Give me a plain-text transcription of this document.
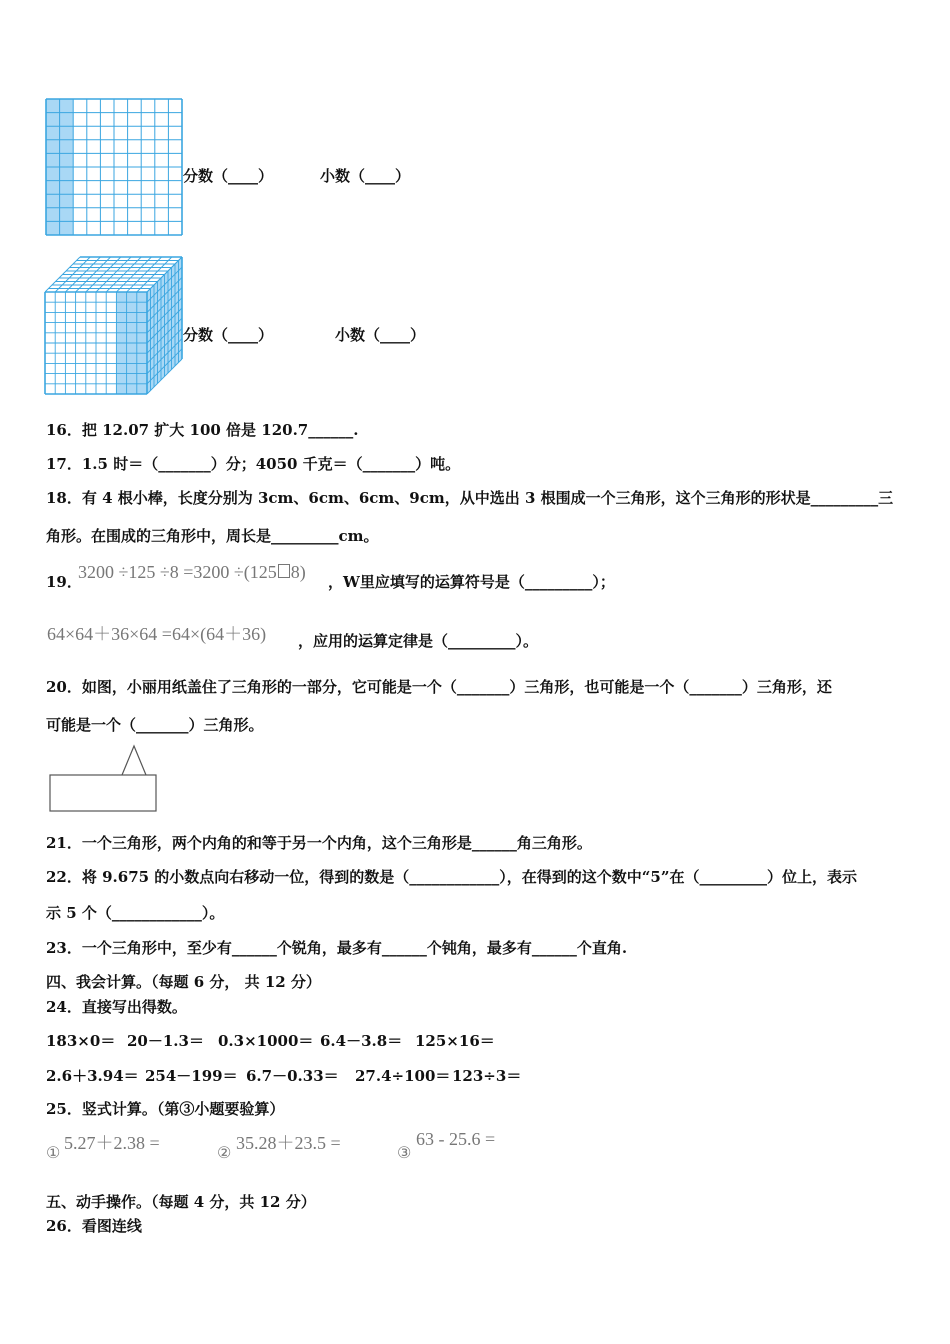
分数（____）	小数（____）
分数（____）	小数（____）
16．把 12.07 扩大 100 倍是 120.7______.
17．1.5 时＝（_______）分；4050 千克＝（_______）吨。
18．有 4 根小棒，长度分别为 3cm、6cm、6cm、9cm，从中选出 3 根围成一个三角形，这个三角形的形状是_________三
角形。在围成的三角形中，周长是_________cm。
19．
3200 ÷125 ÷8 =3200 ÷(125 8) ，W里应填写的运算符号是（_________）；
64×64＋36×64 =64×(64＋36) ，应用的运算定律是（_________）。
20．如图，小丽用纸盖住了三角形的一部分，它可能是一个（_______）三角形，也可能是一个（_______）三角形，还
可能是一个（_______）三角形。
21．一个三角形，两个内角的和等于另一个内角，这个三角形是______角三角形。
22．将 9.675 的小数点向右移动一位，得到的数是（____________），在得到的这个数中“5”在（_________）位上，表示
示 5 个（____________）。
23．一个三角形中，至少有______个锐角，最多有______个钝角，最多有______个直角.
四、我会计算。（每题 6 分， 共 12 分）
24．直接写出得数。
183×0＝ 20－1.3＝ 0.3×1000＝ 6.4－3.8＝ 125×16＝
2.6＋3.94＝ 254－199＝ 6.7－0.33＝ 27.4÷100＝ 123÷3＝
25．竖式计算。（第③小题要验算）
①
5.27＋2.38 =
②
35.28＋23.5 =
③
63 - 25.6 =
五、动手操作。（每题 4 分，共 12 分）
26．看图连线
